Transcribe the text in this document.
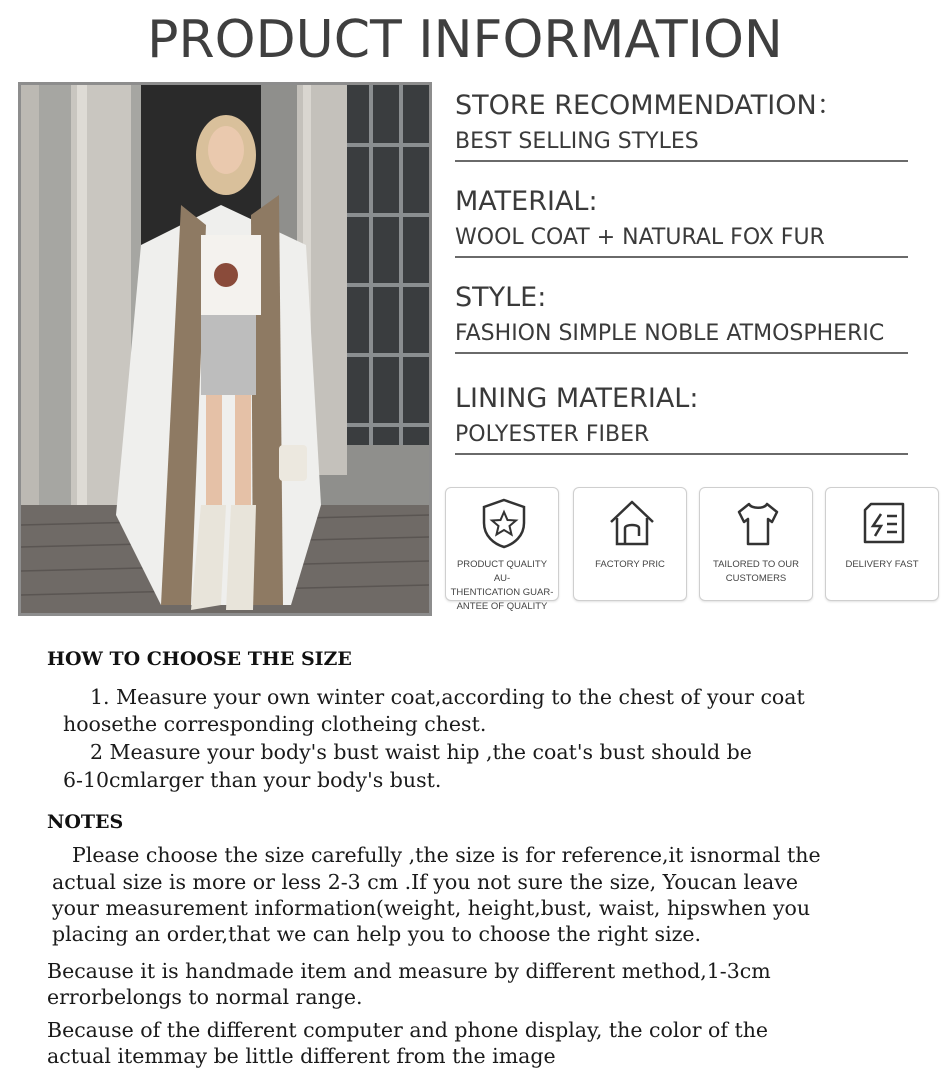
PRODUCT INFORMATION
STORE RECOMMENDATION：
BEST SELLING STYLES
MATERIAL:
WOOL COAT + NATURAL FOX FUR
STYLE:
FASHION SIMPLE NOBLE ATMOSPHERIC
LINING MATERIAL:
POLYESTER FIBER
PRODUCT QUALITY AU-
THENTICATION GUAR-
ANTEE OF QUALITY
FACTORY PRIC	TAILORED TO OUR
CUSTOMERS
DELIVERY FAST
HOW TO CHOOSE THE SIZE
1. Measure your own winter coat,according to the chest of your coat
hoosethe corresponding clotheing chest.
2 Measure your body's bust waist hip ,the coat's bust should be
6-10cmlarger than your body's bust.
NOTES
Please choose the size carefully ,the size is for reference,it isnormal the
actual size is more or less 2-3 cm .If you not sure the size, Youcan leave
your measurement information(weight, height,bust, waist, hipswhen you
placing an order,that we can help you to choose the right size.
Because it is handmade item and measure by different method,1-3cm
errorbelongs to normal range.
Because of the different computer and phone display, the color of the
actual itemmay be little different from the image
